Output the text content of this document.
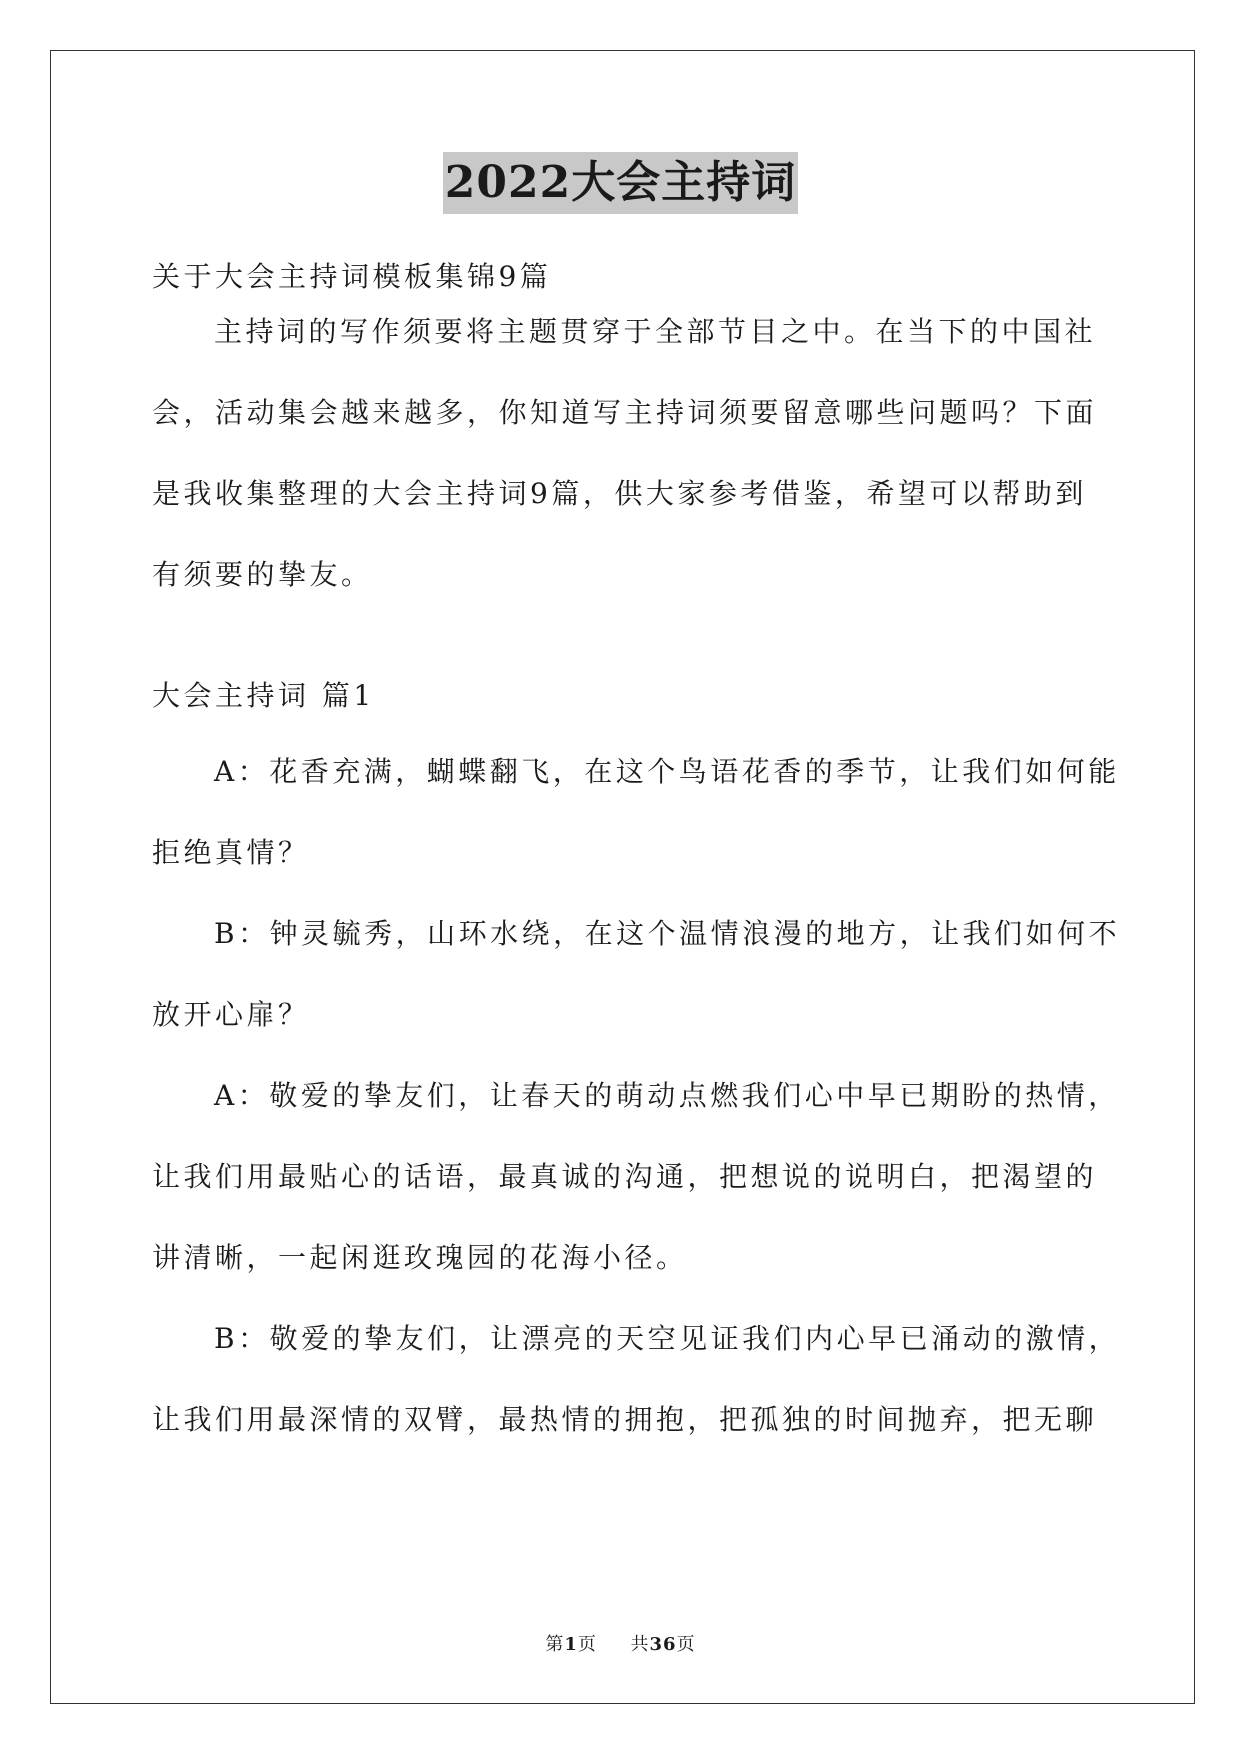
2022大会主持词
关于大会主持词模板集锦9篇
主持词的写作须要将主题贯穿于全部节目之中。在当下的中国社
会，活动集会越来越多，你知道写主持词须要留意哪些问题吗？下面
是我收集整理的大会主持词9篇，供大家参考借鉴，希望可以帮助到
有须要的挚友。
大会主持词 篇1
A：花香充满，蝴蝶翻飞，在这个鸟语花香的季节，让我们如何能
拒绝真情？
B：钟灵毓秀，山环水绕，在这个温情浪漫的地方，让我们如何不
放开心扉？
A：敬爱的挚友们，让春天的萌动点燃我们心中早已期盼的热情，
让我们用最贴心的话语，最真诚的沟通，把想说的说明白，把渴望的
讲清晰，一起闲逛玫瑰园的花海小径。
B：敬爱的挚友们，让漂亮的天空见证我们内心早已涌动的激情，
让我们用最深情的双臂，最热情的拥抱，把孤独的时间抛弃，把无聊
第1页 共36页
